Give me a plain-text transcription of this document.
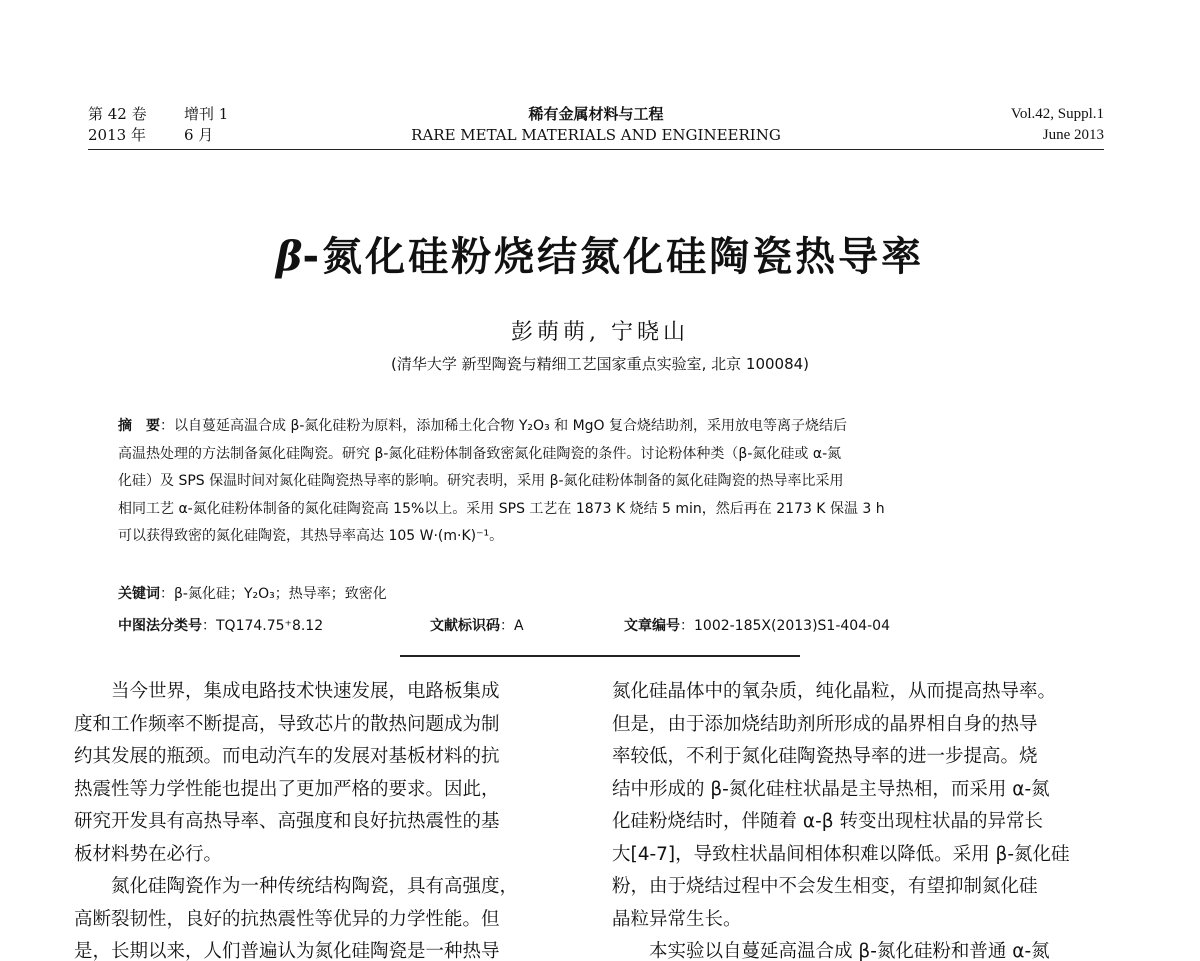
第 42 卷 增刊 1
2013 年	6 月
稀有金属材料与工程
RARE METAL MATERIALS AND ENGINEERING
Vol.42, Suppl.1
June 2013
β-氮化硅粉烧结氮化硅陶瓷热导率
彭萌萌, 宁晓山
(清华大学 新型陶瓷与精细工艺国家重点实验室, 北京 100084)
摘　要：以自蔓延高温合成 β-氮化硅粉为原料，添加稀土化合物 Y₂O₃ 和 MgO 复合烧结助剂，采用放电等离子烧结后
高温热处理的方法制备氮化硅陶瓷。研究 β-氮化硅粉体制备致密氮化硅陶瓷的条件。讨论粉体种类（β-氮化硅或 α-氮
化硅）及 SPS 保温时间对氮化硅陶瓷热导率的影响。研究表明，采用 β-氮化硅粉体制备的氮化硅陶瓷的热导率比采用
相同工艺 α-氮化硅粉体制备的氮化硅陶瓷高 15%以上。采用 SPS 工艺在 1873 K 烧结 5 min，然后再在 2173 K 保温 3 h
可以获得致密的氮化硅陶瓷，其热导率高达 105 W·(m·K)⁻¹。
关键词：β-氮化硅；Y₂O₃；热导率；致密化
中图法分类号：TQ174.75⁺8.12	文献标识码：A	文章编号：1002-185X(2013)S1-404-04
当今世界，集成电路技术快速发展，电路板集成
度和工作频率不断提高，导致芯片的散热问题成为制
约其发展的瓶颈。而电动汽车的发展对基板材料的抗
热震性等力学性能也提出了更加严格的要求。因此，
研究开发具有高热导率、高强度和良好抗热震性的基
板材料势在必行。
氮化硅陶瓷作为一种传统结构陶瓷，具有高强度，
高断裂韧性，良好的抗热震性等优异的力学性能。但
是，长期以来，人们普遍认为氮化硅陶瓷是一种热导
氮化硅晶体中的氧杂质，纯化晶粒，从而提高热导率。
但是，由于添加烧结助剂所形成的晶界相自身的热导
率较低，不利于氮化硅陶瓷热导率的进一步提高。烧
结中形成的 β-氮化硅柱状晶是主导热相，而采用 α-氮
化硅粉烧结时，伴随着 α-β 转变出现柱状晶的异常长
大[4-7]，导致柱状晶间相体积难以降低。采用 β-氮化硅
粉，由于烧结过程中不会发生相变，有望抑制氮化硅
晶粒异常生长。
本实验以自蔓延高温合成 β-氮化硅粉和普通 α-氮
